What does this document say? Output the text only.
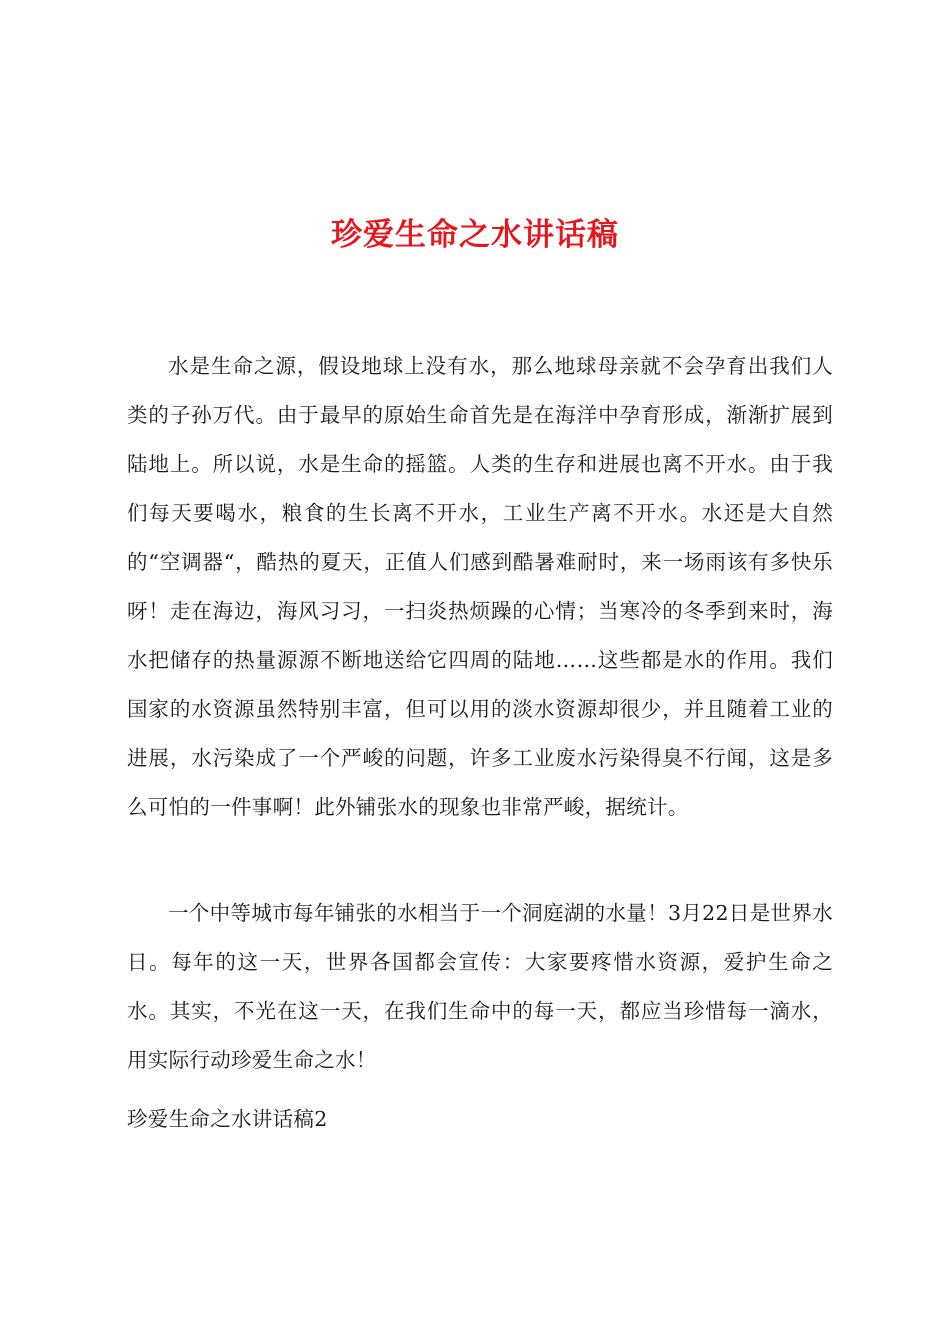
珍爱生命之水讲话稿

水是生命之源，假设地球上没有水，那么地球母亲就不会孕育出我们人类的子孙万代。由于最早的原始生命首先是在海洋中孕育形成，渐渐扩展到陆地上。所以说，水是生命的摇篮。人类的生存和进展也离不开水。由于我们每天要喝水，粮食的生长离不开水，工业生产离不开水。水还是大自然的“空调器“，酷热的夏天，正值人们感到酷暑难耐时，来一场雨该有多快乐呀！走在海边，海风习习，一扫炎热烦躁的心情；当寒冷的冬季到来时，海水把储存的热量源源不断地送给它四周的陆地……这些都是水的作用。我们国家的水资源虽然特别丰富，但可以用的淡水资源却很少，并且随着工业的进展，水污染成了一个严峻的问题，许多工业废水污染得臭不行闻，这是多么可怕的一件事啊！此外铺张水的现象也非常严峻，据统计。

一个中等城市每年铺张的水相当于一个洞庭湖的水量！3月22日是世界水日。每年的这一天，世界各国都会宣传：大家要疼惜水资源，爱护生命之水。其实，不光在这一天，在我们生命中的每一天，都应当珍惜每一滴水，用实际行动珍爱生命之水！

珍爱生命之水讲话稿2
